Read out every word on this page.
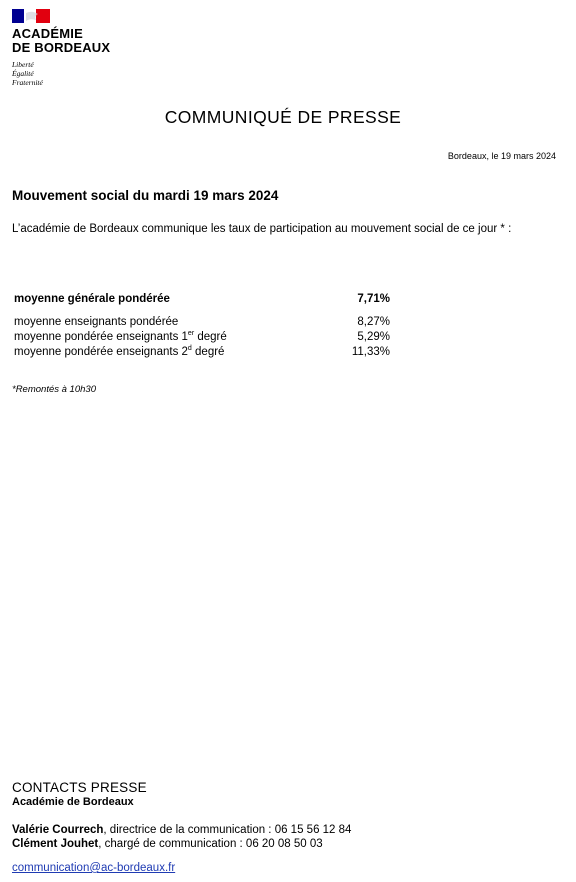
ACADÉMIE
DE BORDEAUX
Liberté
Égalité
Fraternité
COMMUNIQUÉ DE PRESSE
Bordeaux, le 19 mars 2024
Mouvement social du mardi 19 mars 2024
L’académie de Bordeaux communique les taux de participation au mouvement social de ce jour * :
moyenne générale pondérée	7,71%
moyenne enseignants pondérée	8,27%
moyenne pondérée enseignants 1er degré	5,29%
moyenne pondérée enseignants 2$^d$ degré	11,33%
*Remontés à 10h30
CONTACTS PRESSE
Académie de Bordeaux
Valérie Courrech, directrice de la communication : 06 15 56 12 84
Clément Jouhet, chargé de communication : 06 20 08 50 03
communication@ac-bordeaux.fr
